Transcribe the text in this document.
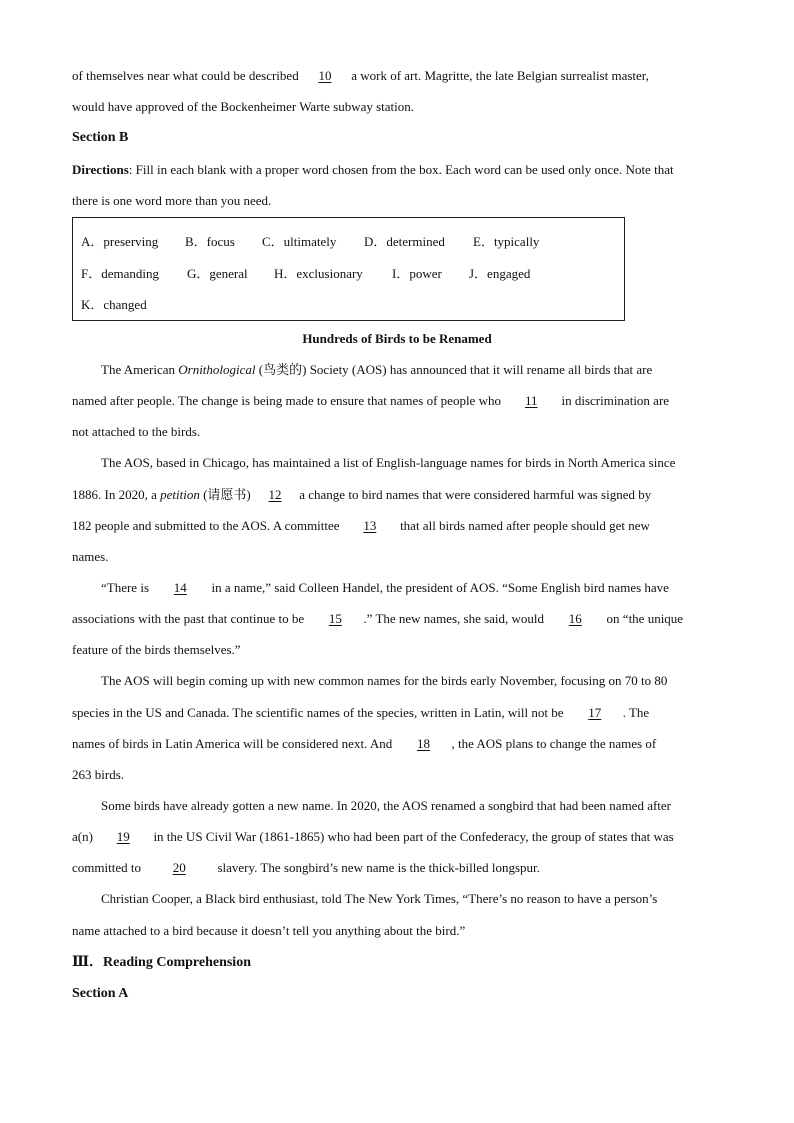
of themselves near what could be described 10 a work of art. Magritte, the late Belgian surrealist master,
would have approved of the Bockenheimer Warte subway station.
Section B
Directions: Fill in each blank with a proper word chosen from the box. Each word can be used only once. Note that
there is one word more than you need.
A．preserving B．focus C．ultimately D．determined E．typically
F．demanding G．general H．exclusionary I．power J．engaged
K．changed
Hundreds of Birds to be Renamed
The American Ornithological (鸟类的) Society (AOS) has announced that it will rename all birds that are
named after people. The change is being made to ensure that names of people who 11 in discrimination are
not attached to the birds.
The AOS, based in Chicago, has maintained a list of English-language names for birds in North America since
1886. In 2020, a petition (请愿书) 12 a change to bird names that were considered harmful was signed by
182 people and submitted to the AOS. A committee 13 that all birds named after people should get new
names.
“There is 14 in a name,” said Colleen Handel, the president of AOS. “Some English bird names have
associations with the past that continue to be 15 .” The new names, she said, would 16 on “the unique
feature of the birds themselves.”
The AOS will begin coming up with new common names for the birds early November, focusing on 70 to 80
species in the US and Canada. The scientific names of the species, written in Latin, will not be 17 . The
names of birds in Latin America will be considered next. And 18 , the AOS plans to change the names of
263 birds.
Some birds have already gotten a new name. In 2020, the AOS renamed a songbird that had been named after
a(n) 19 in the US Civil War (1861-1865) who had been part of the Confederacy, the group of states that was
committed to 20 slavery. The songbird’s new name is the thick-billed longspur.
Christian Cooper, a Black bird enthusiast, told The New York Times, “There’s no reason to have a person’s
name attached to a bird because it doesn’t tell you anything about the bird.”
Ⅲ．Reading Comprehension
Section A
